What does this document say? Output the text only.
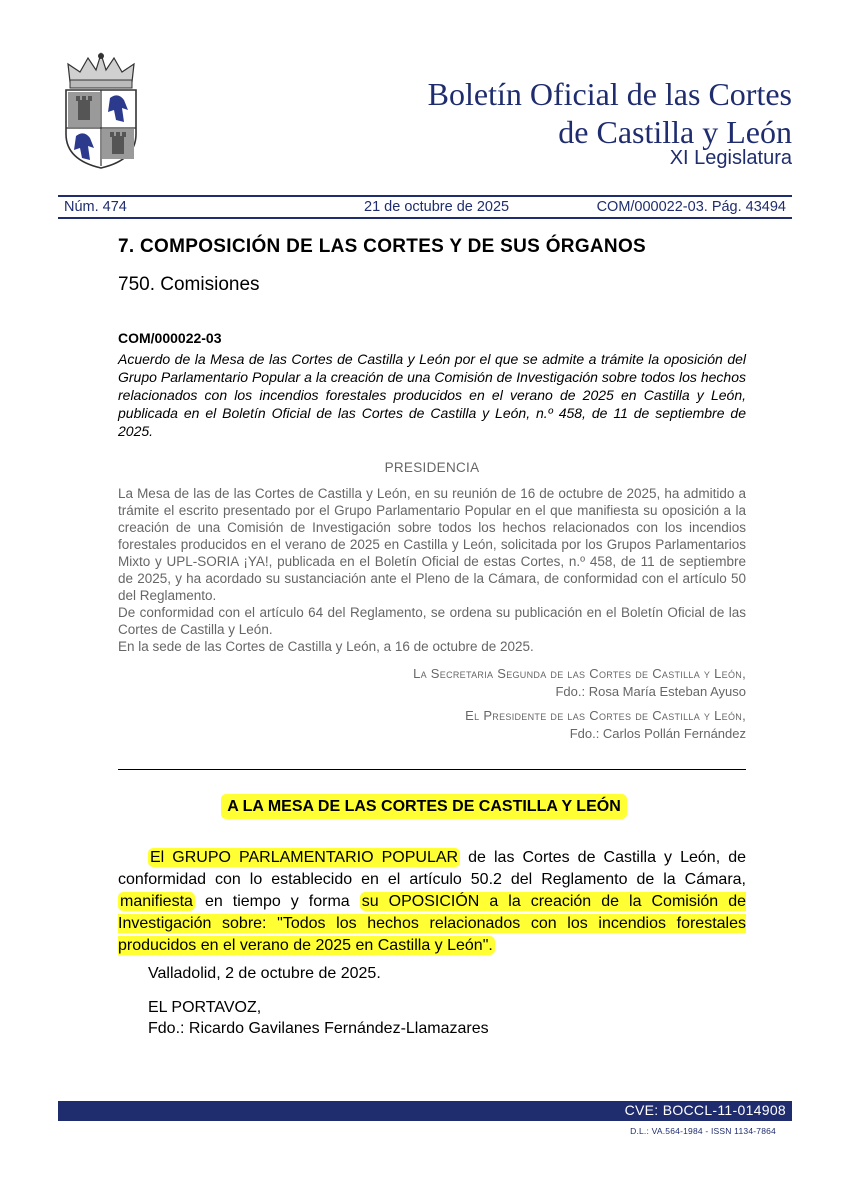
Boletín Oficial de las Cortes
de Castilla y León
XI Legislatura
Núm. 474	21 de octubre de 2025	COM/000022-03. Pág. 43494
7. COMPOSICIÓN DE LAS CORTES Y DE SUS ÓRGANOS
750. Comisiones
COM/000022-03
Acuerdo de la Mesa de las Cortes de Castilla y León por el que se admite a trámite la oposición del Grupo Parlamentario Popular a la creación de una Comisión de Investigación sobre todos los hechos relacionados con los incendios forestales producidos en el verano de 2025 en Castilla y León, publicada en el Boletín Oficial de las Cortes de Castilla y León, n.º 458, de 11 de septiembre de 2025.
PRESIDENCIA

La Mesa de las de las Cortes de Castilla y León, en su reunión de 16 de octubre de 2025, ha admitido a trámite el escrito presentado por el Grupo Parlamentario Popular en el que manifiesta su oposición a la creación de una Comisión de Investigación sobre todos los hechos relacionados con los incendios forestales producidos en el verano de 2025 en Castilla y León, solicitada por los Grupos Parlamentarios Mixto y UPL-SORIA ¡YA!, publicada en el Boletín Oficial de estas Cortes, n.º 458, de 11 de septiembre de 2025, y ha acordado su sustanciación ante el Pleno de la Cámara, de conformidad con el artículo 50 del Reglamento.

De conformidad con el artículo 64 del Reglamento, se ordena su publicación en el Boletín Oficial de las Cortes de Castilla y León.

En la sede de las Cortes de Castilla y León, a 16 de octubre de 2025.

La Secretaria Segunda de las Cortes de Castilla y León,
Fdo.: Rosa María Esteban Ayuso
El Presidente de las Cortes de Castilla y León,
Fdo.: Carlos Pollán Fernández
A LA MESA DE LAS CORTES DE CASTILLA Y LEÓN

El GRUPO PARLAMENTARIO POPULAR de las Cortes de Castilla y León, de conformidad con lo establecido en el artículo 50.2 del Reglamento de la Cámara, manifiesta en tiempo y forma su OPOSICIÓN a la creación de la Comisión de Investigación sobre: "Todos los hechos relacionados con los incendios forestales producidos en el verano de 2025 en Castilla y León".

Valladolid, 2 de octubre de 2025.
EL PORTAVOZ,
Fdo.: Ricardo Gavilanes Fernández-Llamazares
CVE: BOCCL-11-014908
D.L.: VA.564-1984 - ISSN 1134-7864
